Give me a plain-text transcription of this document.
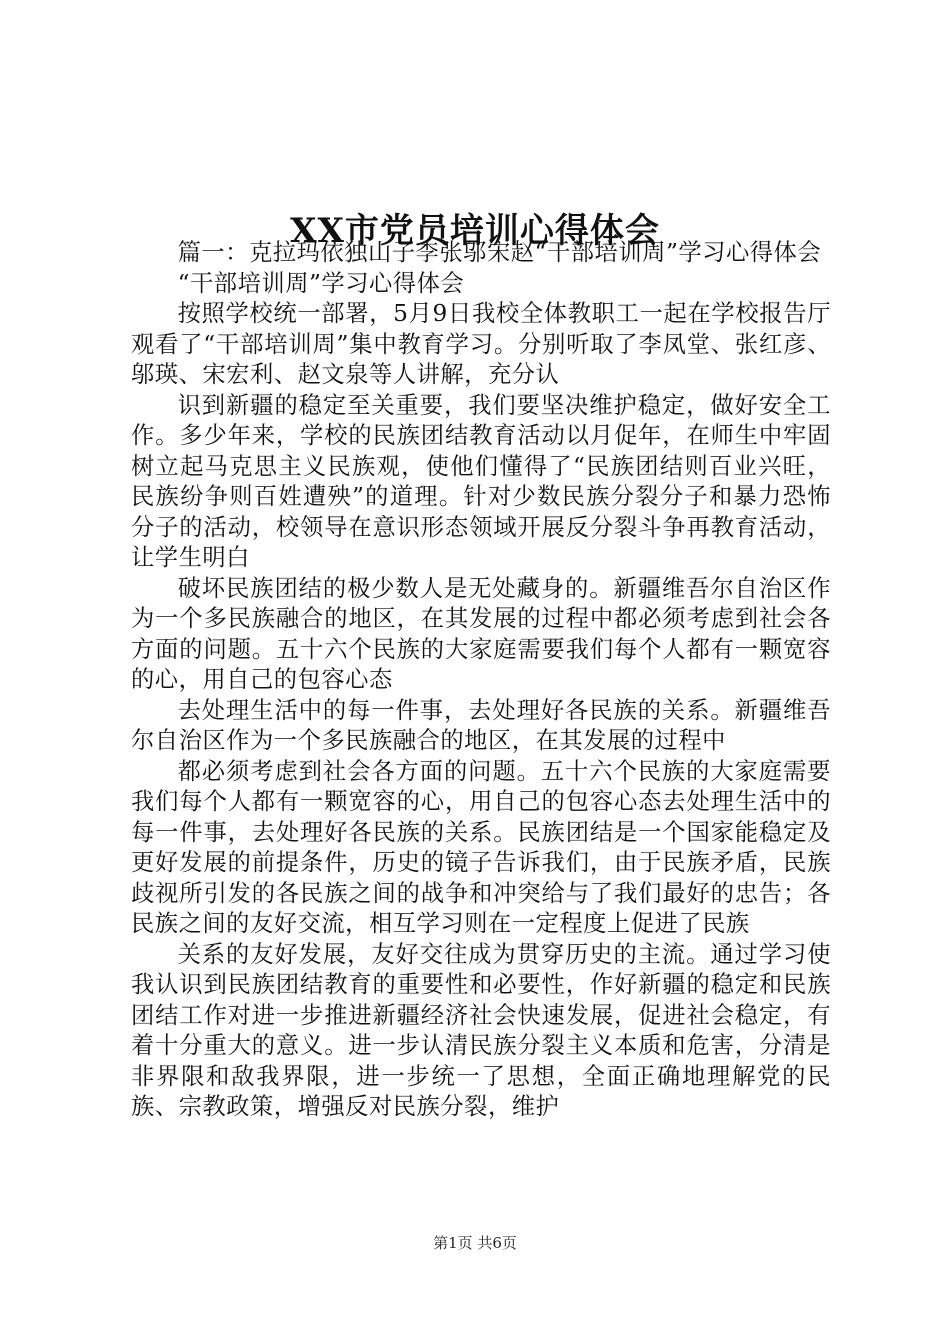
XX市党员培训心得体会

篇一：克拉玛依独山子李张邬宋赵“干部培训周”学习心得体会

“干部培训周”学习心得体会

按照学校统一部署，5月9日我校全体教职工一起在学校报告厅观看了“干部培训周”集中教育学习。分别听取了李凤堂、张红彦、邬瑛、宋宏利、赵文泉等人讲解，充分认

识到新疆的稳定至关重要，我们要坚决维护稳定，做好安全工作。多少年来，学校的民族团结教育活动以月促年，在师生中牢固树立起马克思主义民族观，使他们懂得了“民族团结则百业兴旺，民族纷争则百姓遭殃”的道理。针对少数民族分裂分子和暴力恐怖分子的活动，校领导在意识形态领域开展反分裂斗争再教育活动，让学生明白

破坏民族团结的极少数人是无处藏身的。新疆维吾尔自治区作为一个多民族融合的地区，在其发展的过程中都必须考虑到社会各方面的问题。五十六个民族的大家庭需要我们每个人都有一颗宽容的心，用自己的包容心态

去处理生活中的每一件事，去处理好各民族的关系。新疆维吾尔自治区作为一个多民族融合的地区，在其发展的过程中

都必须考虑到社会各方面的问题。五十六个民族的大家庭需要我们每个人都有一颗宽容的心，用自己的包容心态去处理生活中的每一件事，去处理好各民族的关系。民族团结是一个国家能稳定及更好发展的前提条件，历史的镜子告诉我们，由于民族矛盾，民族歧视所引发的各民族之间的战争和冲突给与了我们最好的忠告；各民族之间的友好交流，相互学习则在一定程度上促进了民族

关系的友好发展，友好交往成为贯穿历史的主流。通过学习使我认识到民族团结教育的重要性和必要性，作好新疆的稳定和民族团结工作对进一步推进新疆经济社会快速发展，促进社会稳定，有着十分重大的意义。进一步认清民族分裂主义本质和危害，分清是非界限和敌我界限，进一步统一了思想，全面正确地理解党的民族、宗教政策，增强反对民族分裂，维护

第1页 共6页
